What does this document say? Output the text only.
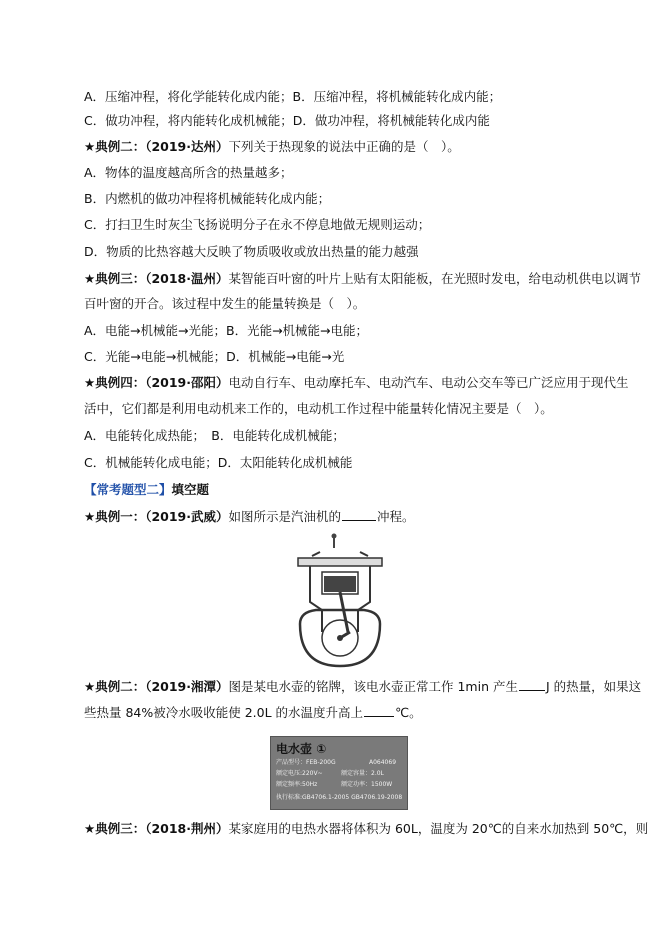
A．压缩冲程，将化学能转化成内能；B．压缩冲程，将机械能转化成内能；
C．做功冲程，将内能转化成机械能；D．做功冲程，将机械能转化成内能
★典例二：（2019·达州）下列关于热现象的说法中正确的是（　）。
A．物体的温度越高所含的热量越多；
B．内燃机的做功冲程将机械能转化成内能；
C．打扫卫生时灰尘飞扬说明分子在永不停息地做无规则运动；
D．物质的比热容越大反映了物质吸收或放出热量的能力越强
★典例三：（2018·温州）某智能百叶窗的叶片上贴有太阳能板，在光照时发电，给电动机供电以调节
百叶窗的开合。该过程中发生的能量转换是（　）。
A．电能→机械能→光能；B．光能→机械能→电能；
C．光能→电能→机械能；D．机械能→电能→光
★典例四：（2019·邵阳）电动自行车、电动摩托车、电动汽车、电动公交车等已广泛应用于现代生
活中，它们都是利用电动机来工作的，电动机工作过程中能量转化情况主要是（　）。
A．电能转化成热能；　B．电能转化成机械能；
C．机械能转化成电能；D．太阳能转化成机械能
【常考题型二】填空题
★典例一：（2019·武威）如图所示是汽油机的	冲程。
★典例二：（2019·湘潭）图是某电水壶的铭牌，该电水壶正常工作 1min 产生 J 的热量，如果这
些热量 84%被冷水吸收能使 2.0L 的水温度升高上	℃。
电水壶 ①
产品型号：FEB-200G	A064069
额定电压:220V~	额定容量：2.0L
额定频率:50Hz	额定功率：1500W
执行标准:GB4706.1-2005 GB4706.19-2008
★典例三：（2018·荆州）某家庭用的电热水器将体积为 60L，温度为 20℃的自来水加热到 50℃，则
